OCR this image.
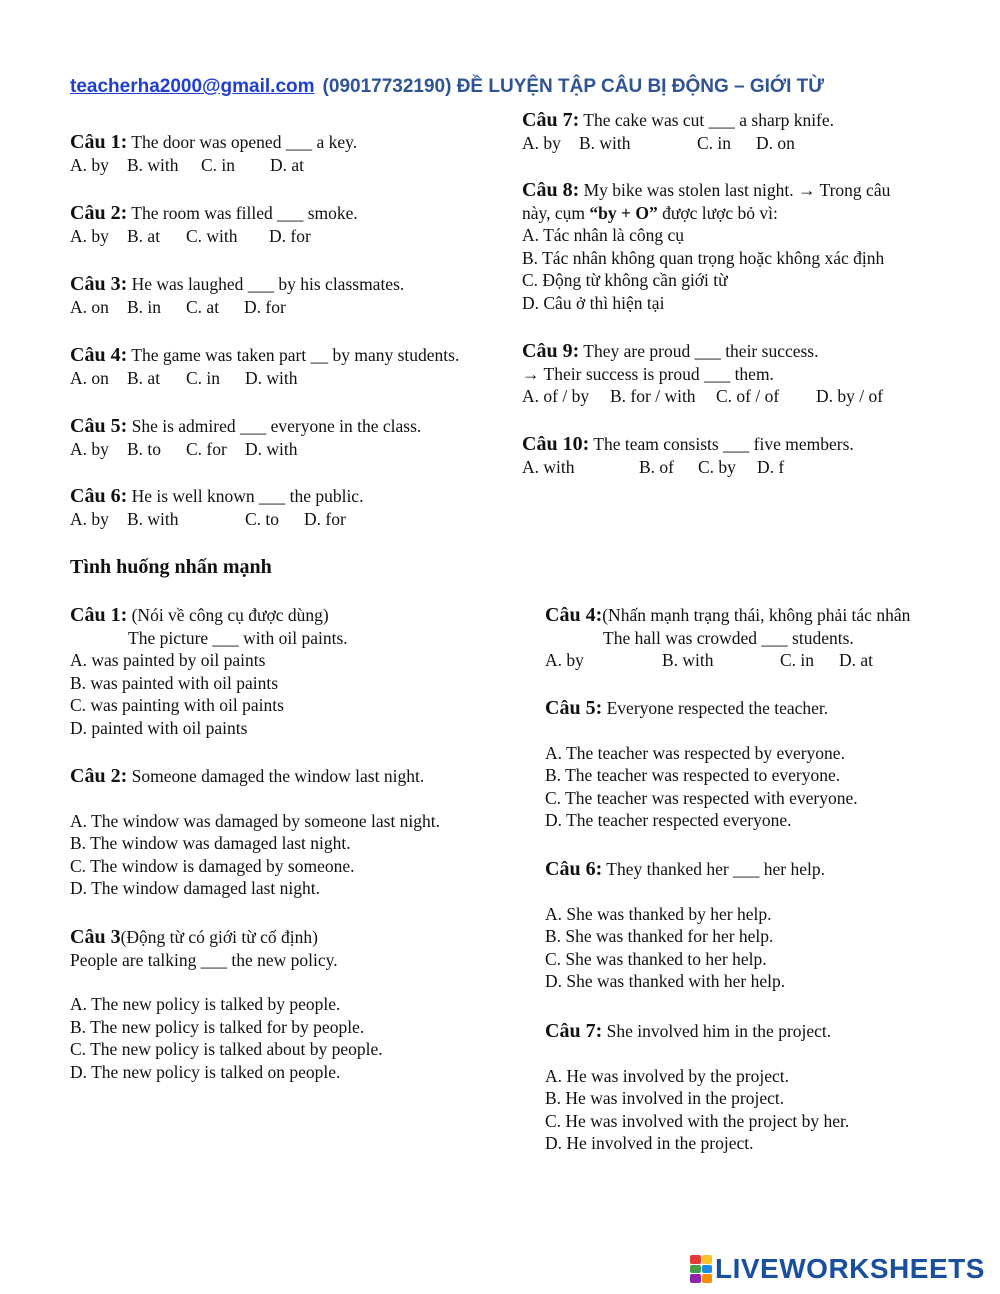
teacherha2000@gmail.com (09017732190) ĐỀ LUYỆN TẬP CÂU BỊ ĐỘNG – GIỚI TỪ
Câu 1: The door was opened ___ a key.
A. by B. with C. in D. at
Câu 2: The room was filled ___ smoke.
A. by B. at C. with D. for
Câu 3: He was laughed ___ by his classmates.
A. on B. in C. at D. for
Câu 4: The game was taken part __ by many students.
A. on B. at C. in D. with
Câu 5: She is admired ___ everyone in the class.
A. by B. to C. for D. with
Câu 6: He is well known ___ the public.
A. by B. with	C. to D. for
Câu 7: The cake was cut ___ a sharp knife.
A. by B. with	C. in D. on
Câu 8: My bike was stolen last night. → Trong câu
này, cụm “by + O” được lược bỏ vì:
A. Tác nhân là công cụ
B. Tác nhân không quan trọng hoặc không xác định
C. Động từ không cần giới từ
D. Câu ở thì hiện tại
Câu 9: They are proud ___ their success.
→ Their success is proud ___ them.
A. of / by B. for / with C. of / of D. by / of
Câu 10: The team consists ___ five members.
A. with	B. of C. by D. f
Tình huống nhấn mạnh
Câu 1: (Nói về công cụ được dùng)
The picture ___ with oil paints.
A. was painted by oil paints
B. was painted with oil paints
C. was painting with oil paints
D. painted with oil paints
Câu 2: Someone damaged the window last night.
A. The window was damaged by someone last night.
B. The window was damaged last night.
C. The window is damaged by someone.
D. The window damaged last night.
Câu 3(Động từ có giới từ cố định)
People are talking ___ the new policy.
A. The new policy is talked by people.
B. The new policy is talked for by people.
C. The new policy is talked about by people.
D. The new policy is talked on people.
Câu 4:(Nhấn mạnh trạng thái, không phải tác nhân
The hall was crowded ___ students.
A. by	B. with	C. in D. at
Câu 5: Everyone respected the teacher.
A. The teacher was respected by everyone.
B. The teacher was respected to everyone.
C. The teacher was respected with everyone.
D. The teacher respected everyone.
Câu 6: They thanked her ___ her help.
A. She was thanked by her help.
B. She was thanked for her help.
C. She was thanked to her help.
D. She was thanked with her help.
Câu 7: She involved him in the project.
A. He was involved by the project.
B. He was involved in the project.
C. He was involved with the project by her.
D. He involved in the project.
LIVEWORKSHEETS
